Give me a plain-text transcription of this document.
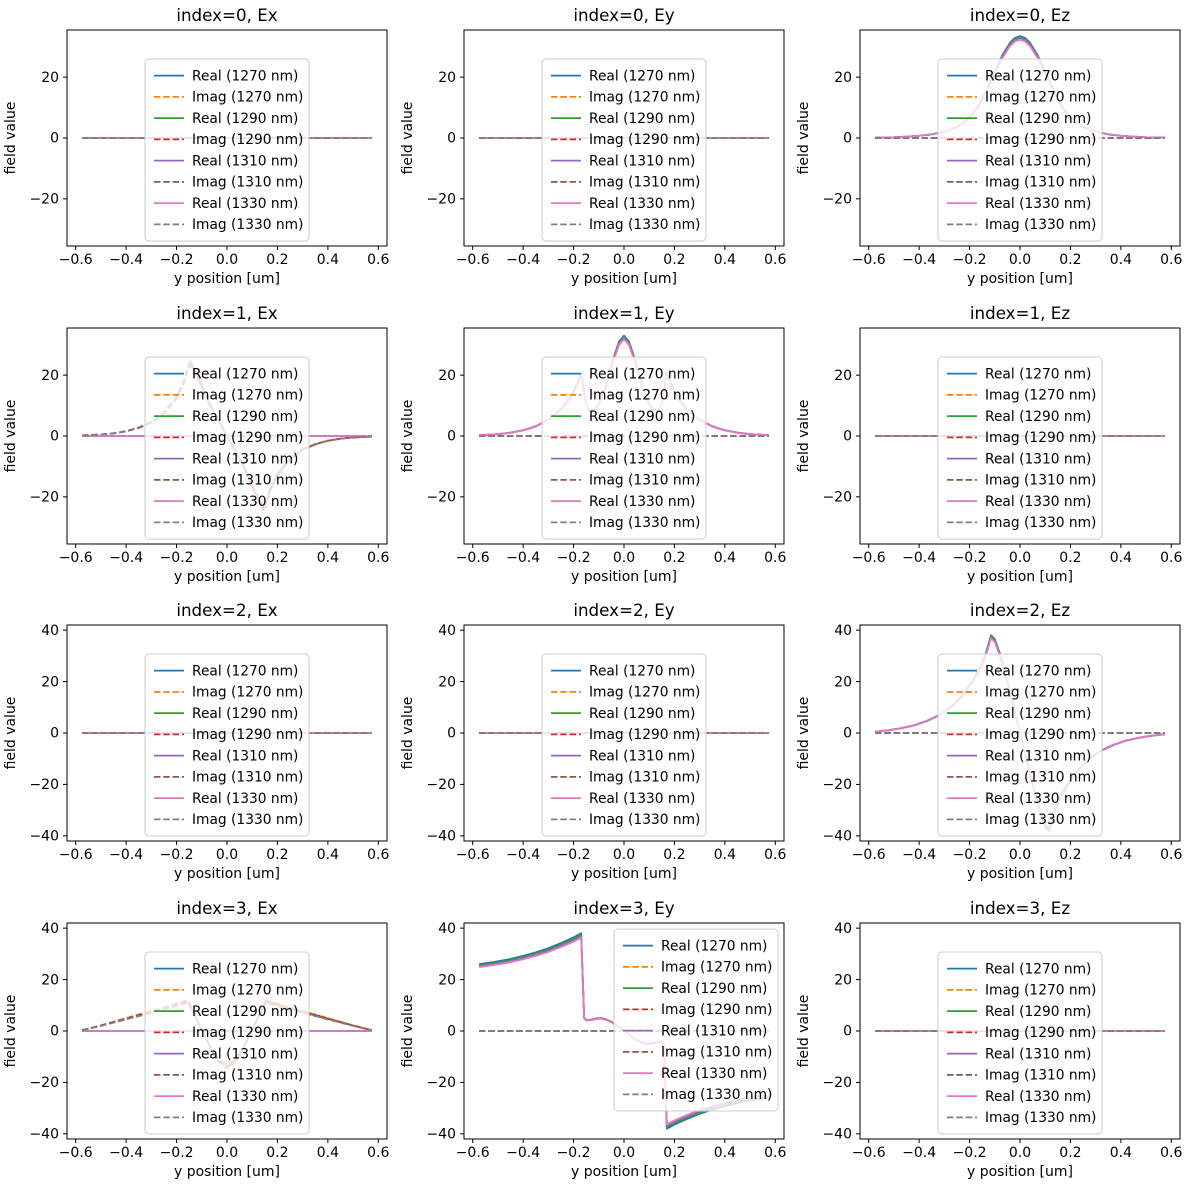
−0.6 −0.4 −0.2 0.0 0.2 0.4 0.6
−20
0
20
index=0, Ex
y position [um]
field value
Real (1270 nm)
Imag (1270 nm)
Real (1290 nm)
Imag (1290 nm)
Real (1310 nm)
Imag (1310 nm)
Real (1330 nm)
Imag (1330 nm)
−0.6 −0.4 −0.2 0.0 0.2 0.4 0.6
−20
0
20
index=0, Ey
y position [um]
field value
Real (1270 nm)
Imag (1270 nm)
Real (1290 nm)
Imag (1290 nm)
Real (1310 nm)
Imag (1310 nm)
Real (1330 nm)
Imag (1330 nm)
−0.6 −0.4 −0.2 0.0 0.2 0.4 0.6
−20
0
20
index=0, Ez
y position [um]
field value
Real (1270 nm)
Imag (1270 nm)
Real (1290 nm)
Imag (1290 nm)
Real (1310 nm)
Imag (1310 nm)
Real (1330 nm)
Imag (1330 nm)
−0.6 −0.4 −0.2 0.0 0.2 0.4 0.6
−20
0
20
index=1, Ex
y position [um]
field value
Real (1270 nm)
Imag (1270 nm)
Real (1290 nm)
Imag (1290 nm)
Real (1310 nm)
Imag (1310 nm)
Real (1330 nm)
Imag (1330 nm)
−0.6 −0.4 −0.2 0.0 0.2 0.4 0.6
−20
0
20
index=1, Ey
y position [um]
field value
Real (1270 nm)
Imag (1270 nm)
Real (1290 nm)
Imag (1290 nm)
Real (1310 nm)
Imag (1310 nm)
Real (1330 nm)
Imag (1330 nm)
−0.6 −0.4 −0.2 0.0 0.2 0.4 0.6
−20
0
20
index=1, Ez
y position [um]
field value
Real (1270 nm)
Imag (1270 nm)
Real (1290 nm)
Imag (1290 nm)
Real (1310 nm)
Imag (1310 nm)
Real (1330 nm)
Imag (1330 nm)
−0.6 −0.4 −0.2 0.0 0.2 0.4 0.6
−40
−20
0
20
40
index=2, Ex
y position [um]
field value
Real (1270 nm)
Imag (1270 nm)
Real (1290 nm)
Imag (1290 nm)
Real (1310 nm)
Imag (1310 nm)
Real (1330 nm)
Imag (1330 nm)
−0.6 −0.4 −0.2 0.0 0.2 0.4 0.6
−40
−20
0
20
40
index=2, Ey
y position [um]
field value
Real (1270 nm)
Imag (1270 nm)
Real (1290 nm)
Imag (1290 nm)
Real (1310 nm)
Imag (1310 nm)
Real (1330 nm)
Imag (1330 nm)
−0.6 −0.4 −0.2 0.0 0.2 0.4 0.6
−40
−20
0
20
40
index=2, Ez
y position [um]
field value
Real (1270 nm)
Imag (1270 nm)
Real (1290 nm)
Imag (1290 nm)
Real (1310 nm)
Imag (1310 nm)
Real (1330 nm)
Imag (1330 nm)
−0.6 −0.4 −0.2 0.0 0.2 0.4 0.6
−40
−20
0
20
40
index=3, Ex
y position [um]
field value
Real (1270 nm)
Imag (1270 nm)
Real (1290 nm)
Imag (1290 nm)
Real (1310 nm)
Imag (1310 nm)
Real (1330 nm)
Imag (1330 nm)
−0.6 −0.4 −0.2 0.0 0.2 0.4 0.6
−40
−20
0
20
40
index=3, Ey
y position [um]
field value
Real (1270 nm)
Imag (1270 nm)
Real (1290 nm)
Imag (1290 nm)
Real (1310 nm)
Imag (1310 nm)
Real (1330 nm)
Imag (1330 nm)
−0.6 −0.4 −0.2 0.0 0.2 0.4 0.6
−40
−20
0
20
40
index=3, Ez
y position [um]
field value
Real (1270 nm)
Imag (1270 nm)
Real (1290 nm)
Imag (1290 nm)
Real (1310 nm)
Imag (1310 nm)
Real (1330 nm)
Imag (1330 nm)
